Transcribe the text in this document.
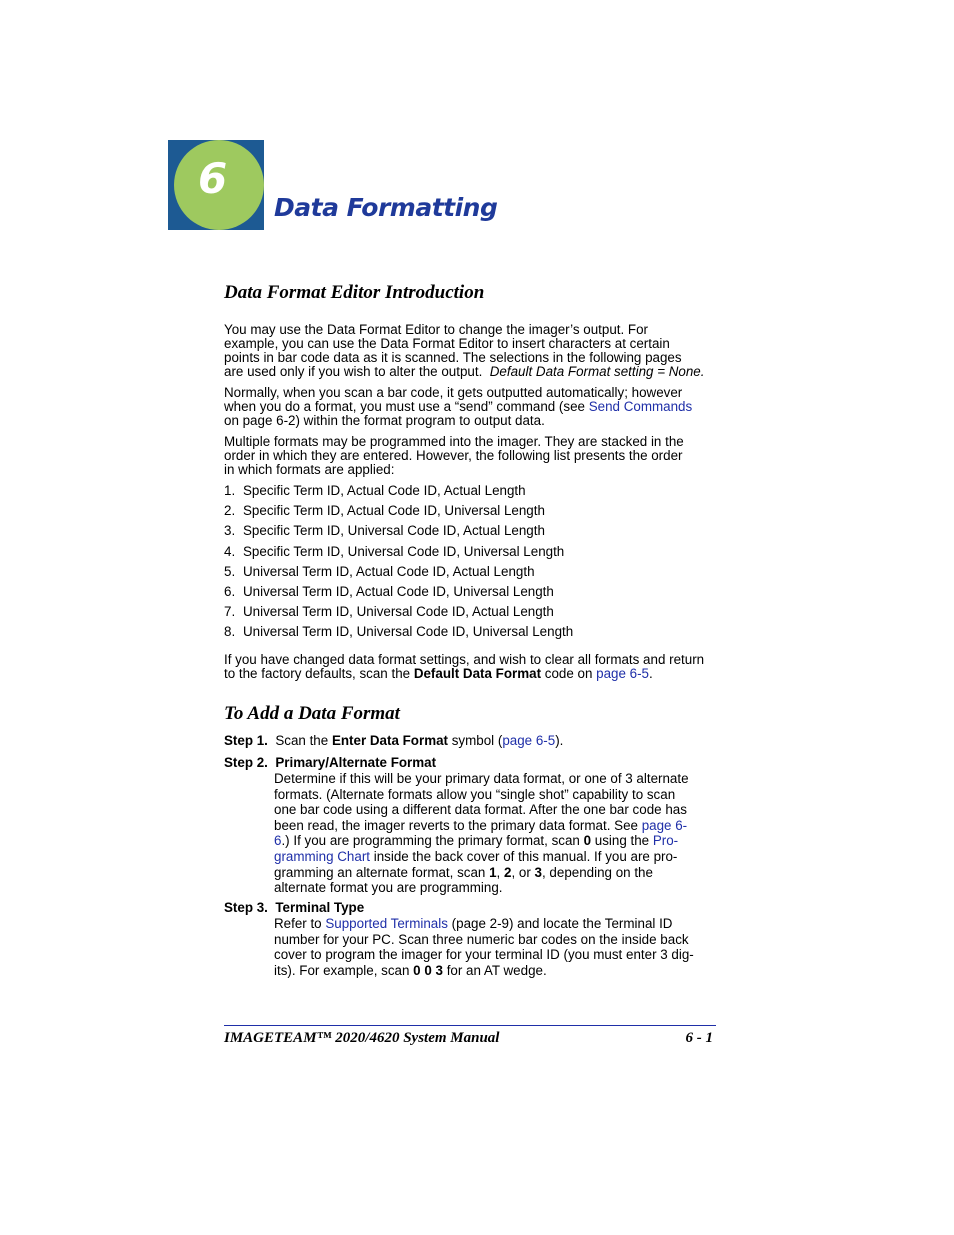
6
Data Formatting
Data Format Editor Introduction
You may use the Data Format Editor to change the imager’s output. For
example, you can use the Data Format Editor to insert characters at certain
points in bar code data as it is scanned. The selections in the following pages
are used only if you wish to alter the output. Default Data Format setting = None.
Normally, when you scan a bar code, it gets outputted automatically; however
when you do a format, you must use a “send” command (see Send Commands
on page 6-2) within the format program to output data.
Multiple formats may be programmed into the imager. They are stacked in the
order in which they are entered. However, the following list presents the order
in which formats are applied:
1. Specific Term ID, Actual Code ID, Actual Length
2. Specific Term ID, Actual Code ID, Universal Length
3. Specific Term ID, Universal Code ID, Actual Length
4. Specific Term ID, Universal Code ID, Universal Length
5. Universal Term ID, Actual Code ID, Actual Length
6. Universal Term ID, Actual Code ID, Universal Length
7. Universal Term ID, Universal Code ID, Actual Length
8. Universal Term ID, Universal Code ID, Universal Length
If you have changed data format settings, and wish to clear all formats and return
to the factory defaults, scan the Default Data Format code on page 6-5.
To Add a Data Format
Step 1.  Scan the Enter Data Format symbol (page 6-5).
Step 2.  Primary/Alternate Format
Determine if this will be your primary data format, or one of 3 alternate
formats. (Alternate formats allow you “single shot” capability to scan
one bar code using a different data format. After the one bar code has
been read, the imager reverts to the primary data format. See page 6-
6.) If you are programming the primary format, scan 0 using the Pro-
gramming Chart inside the back cover of this manual. If you are pro-
gramming an alternate format, scan 1, 2, or 3, depending on the
alternate format you are programming.
Step 3.  Terminal Type
Refer to Supported Terminals (page 2-9) and locate the Terminal ID
number for your PC. Scan three numeric bar codes on the inside back
cover to program the imager for your terminal ID (you must enter 3 dig-
its). For example, scan 0 0 3 for an AT wedge.
IMAGETEAM™ 2020/4620 System Manual	6 - 1
